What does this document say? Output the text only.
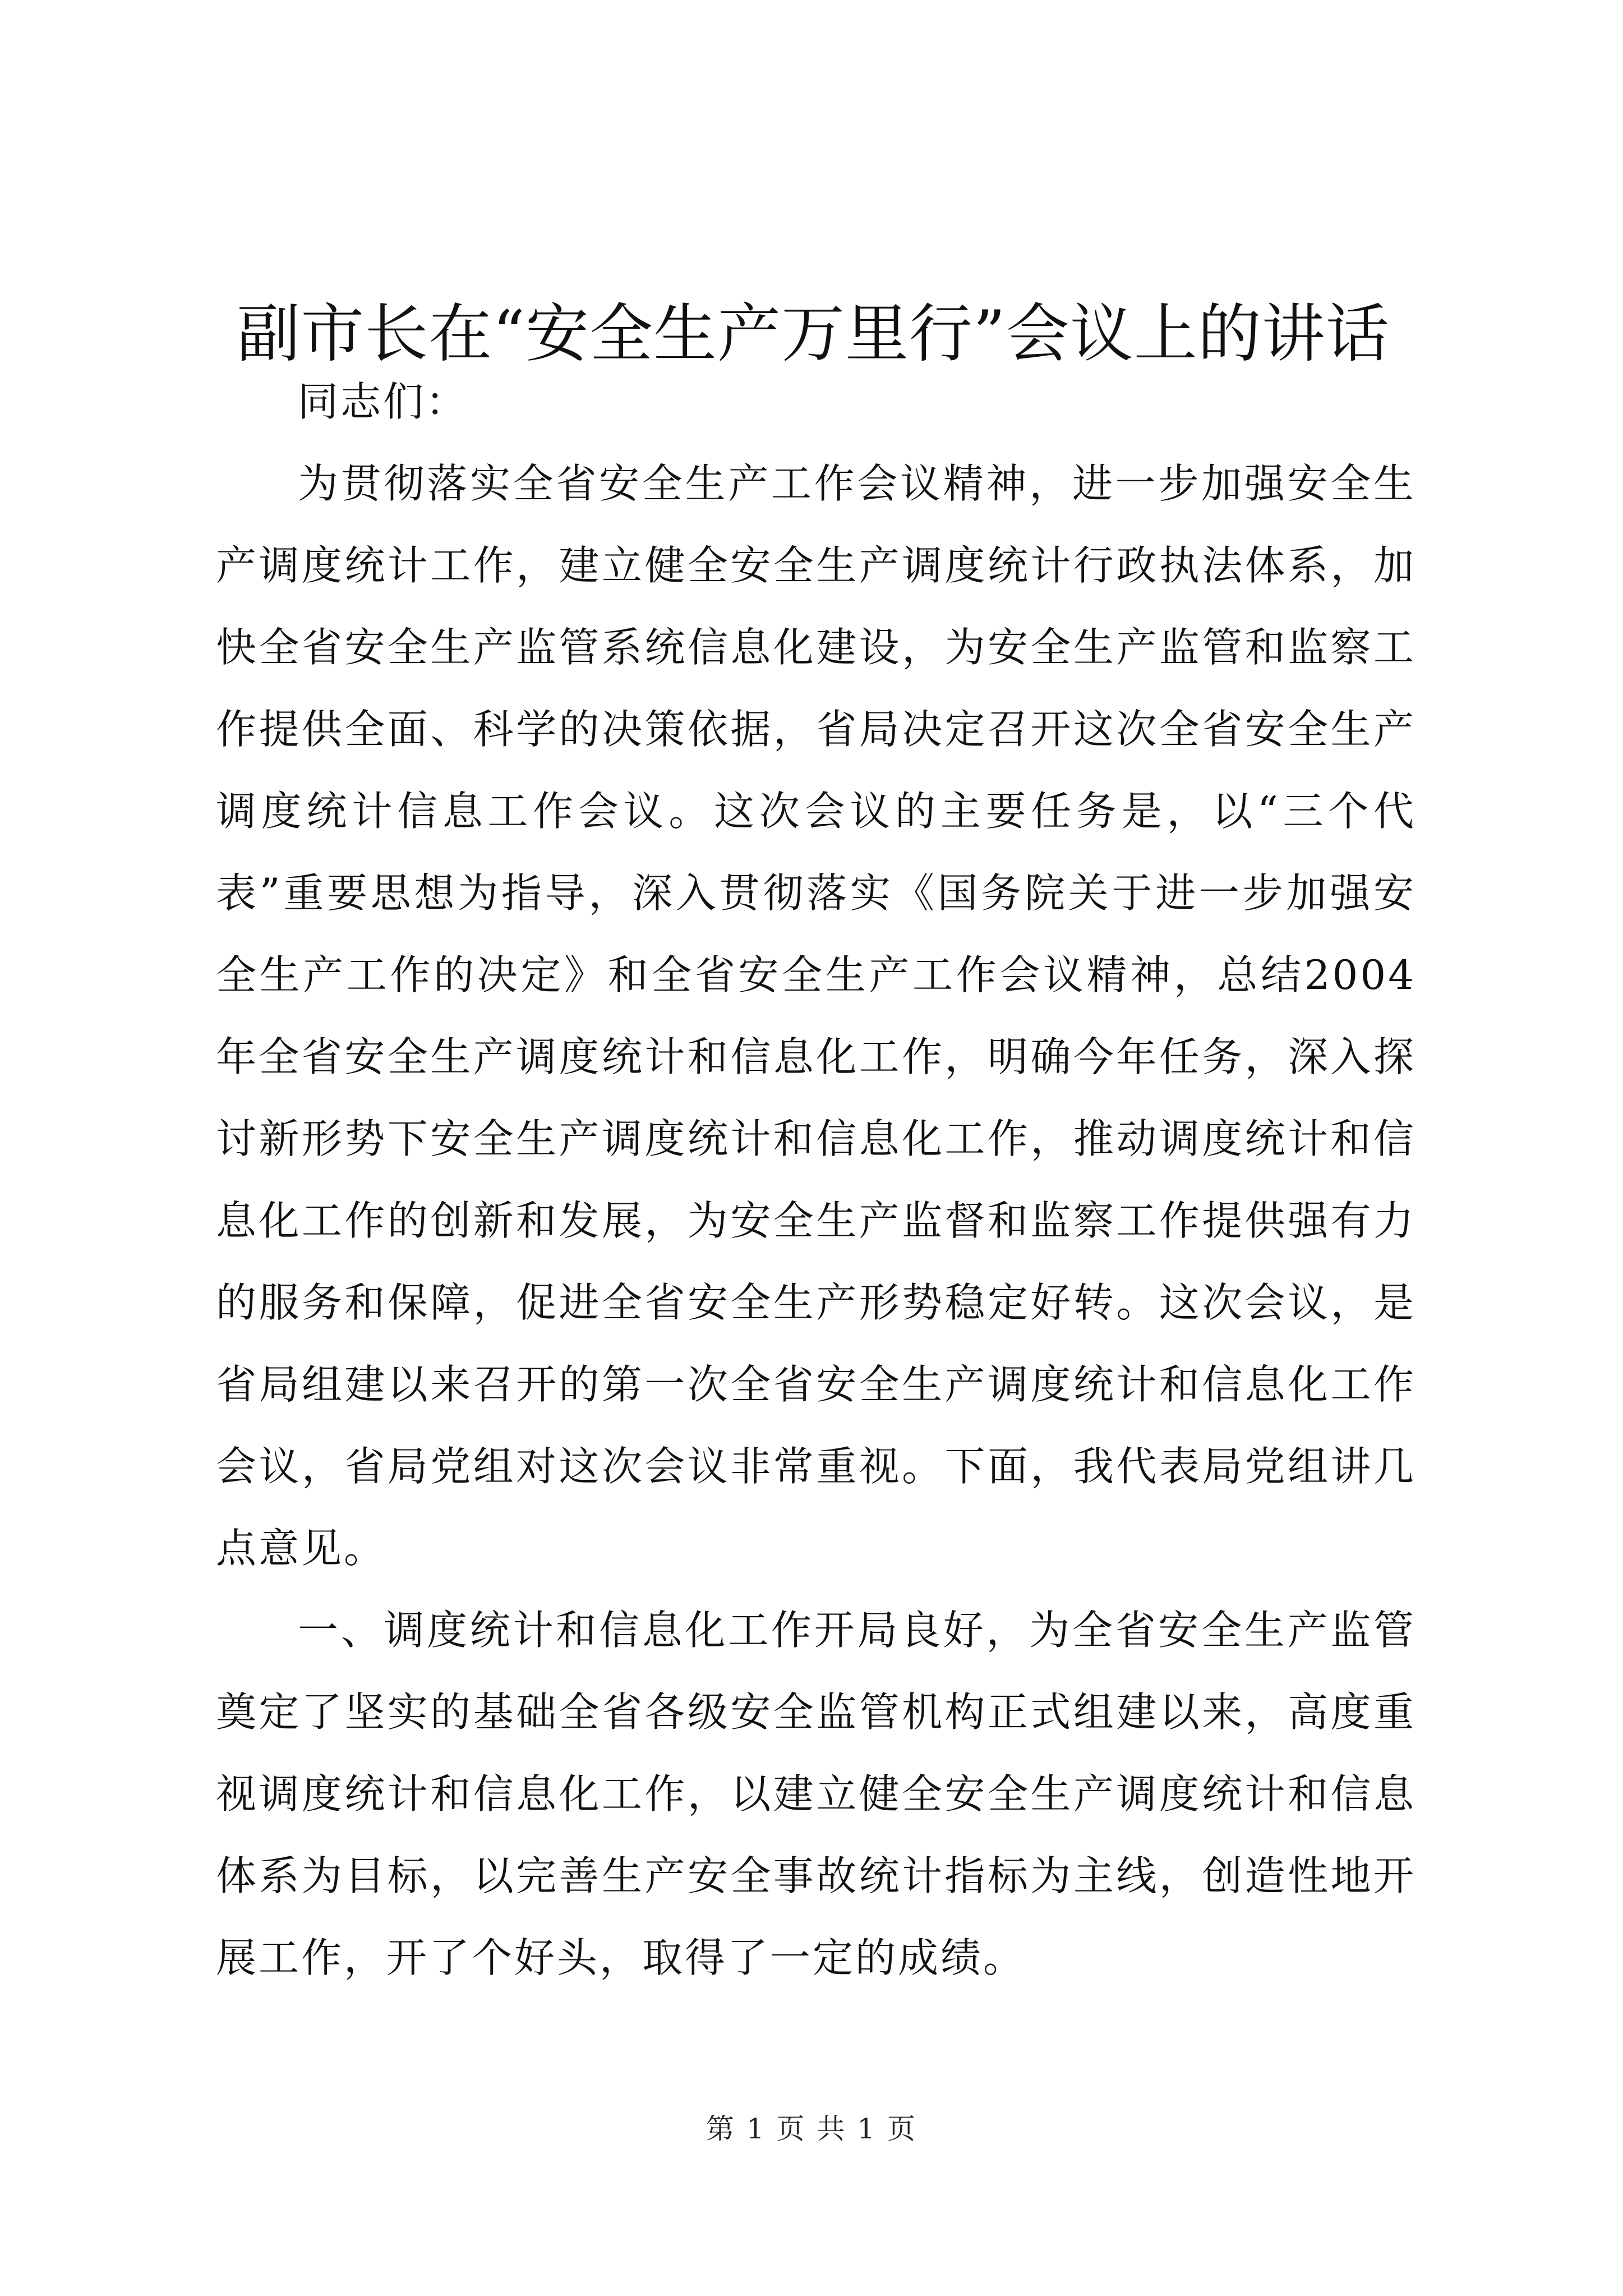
副市长在“安全生产万里行”会议上的讲话

同志们：

为贯彻落实全省安全生产工作会议精神，进一步加强安全生产调度统计工作，建立健全安全生产调度统计行政执法体系，加快全省安全生产监管系统信息化建设，为安全生产监管和监察工作提供全面、科学的决策依据，省局决定召开这次全省安全生产调度统计信息工作会议。这次会议的主要任务是，以“三个代表”重要思想为指导，深入贯彻落实《国务院关于进一步加强安全生产工作的决定》和全省安全生产工作会议精神，总结2004年全省安全生产调度统计和信息化工作，明确今年任务，深入探讨新形势下安全生产调度统计和信息化工作，推动调度统计和信息化工作的创新和发展，为安全生产监督和监察工作提供强有力的服务和保障，促进全省安全生产形势稳定好转。这次会议，是省局组建以来召开的第一次全省安全生产调度统计和信息化工作会议，省局党组对这次会议非常重视。下面，我代表局党组讲几点意见。

一、调度统计和信息化工作开局良好，为全省安全生产监管奠定了坚实的基础全省各级安全监管机构正式组建以来，高度重视调度统计和信息化工作，以建立健全安全生产调度统计和信息体系为目标，以完善生产安全事故统计指标为主线，创造性地开展工作，开了个好头，取得了一定的成绩。

第 1 页 共 1 页
